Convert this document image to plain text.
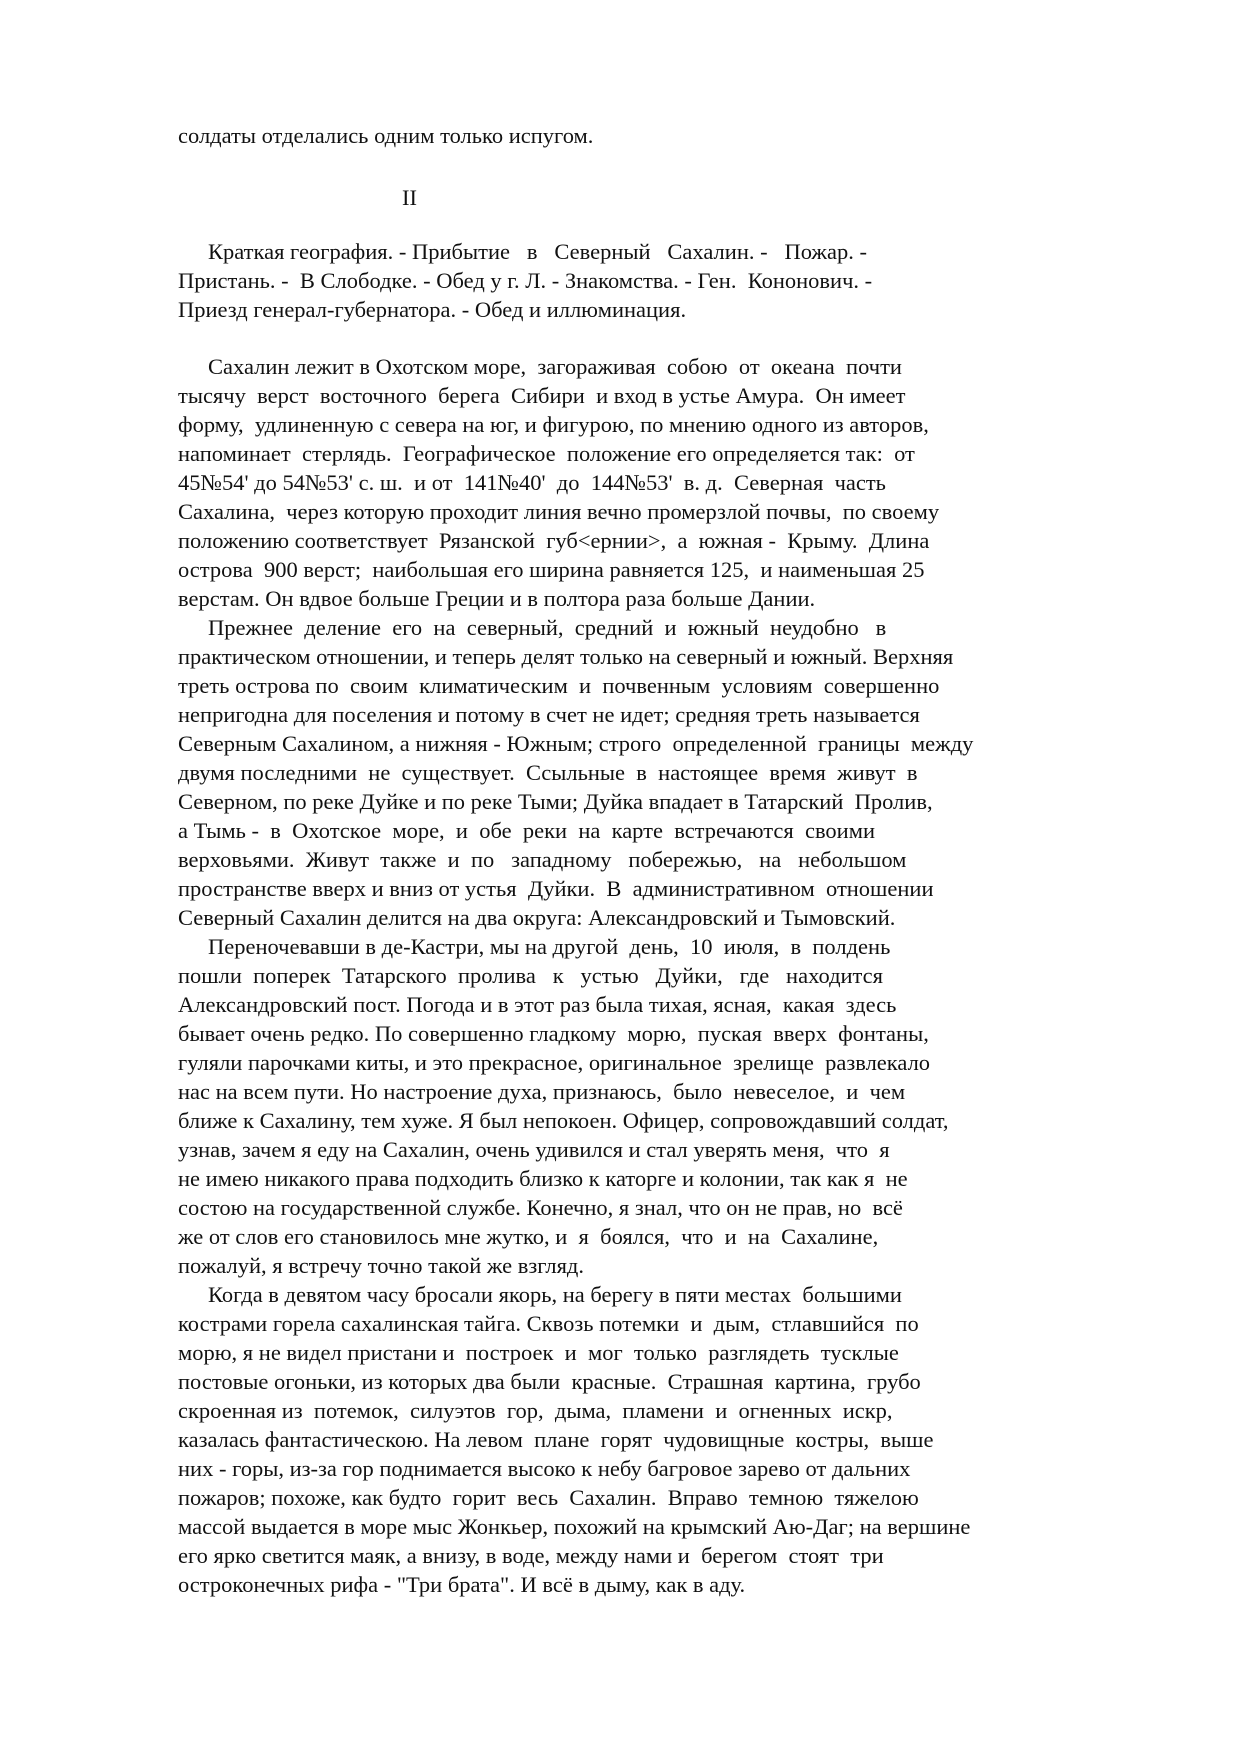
солдаты отделались одним только испугом.

II

Краткая география. - Прибытие   в   Северный   Сахалин. -   Пожар. -

Пристань. -  В Слободке. - Обед у г. Л. - Знакомства. - Ген.  Кононович. -

Приезд генерал-губернатора. - Обед и иллюминация.

Сахалин лежит в Охотском море,  загораживая  собою  от  океана  почти

тысячу  верст  восточного  берега  Сибири  и вход в устье Амура.  Он имеет

форму,  удлиненную с севера на юг, и фигурою, по мнению одного из авторов,

напоминает  стерлядь.  Географическое  положение его определяется так:  от

45№54' до 54№53' с. ш.  и от  141№40'  до  144№53'  в. д.  Северная  часть

Сахалина,  через которую проходит линия вечно промерзлой почвы,  по своему

положению соответствует  Рязанской  губ<ернии>,  а  южная -  Крыму.  Длина

острова  900 верст;  наибольшая его ширина равняется 125,  и наименьшая 25

верстам. Он вдвое больше Греции и в полтора раза больше Дании.

Прежнее  деление  его  на  северный,  средний  и  южный  неудобно   в

практическом отношении, и теперь делят только на северный и южный. Верхняя

треть острова по  своим  климатическим  и  почвенным  условиям  совершенно

непригодна для поселения и потому в счет не идет; средняя треть называется

Северным Сахалином, а нижняя - Южным; строго  определенной  границы  между

двумя последними  не  существует.  Ссыльные  в  настоящее  время  живут  в

Северном, по реке Дуйке и по реке Тыми; Дуйка впадает в Татарский  Пролив,

а Тымь -  в  Охотское  море,  и  обе  реки  на  карте  встречаются  своими

верховьями.  Живут  также  и  по   западному   побережью,   на   небольшом

пространстве вверх и вниз от устья  Дуйки.  В  административном  отношении

Северный Сахалин делится на два округа: Александровский и Тымовский.

Переночевавши в де-Кастри, мы на другой  день,  10  июля,  в  полдень

пошли  поперек  Татарского  пролива   к   устью   Дуйки,   где   находится

Александровский пост. Погода и в этот раз была тихая, ясная,  какая  здесь

бывает очень редко. По совершенно гладкому  морю,  пуская  вверх  фонтаны,

гуляли парочками киты, и это прекрасное, оригинальное  зрелище  развлекало

нас на всем пути. Но настроение духа, признаюсь,  было  невеселое,  и  чем

ближе к Сахалину, тем хуже. Я был непокоен. Офицер, сопровождавший солдат,

узнав, зачем я еду на Сахалин, очень удивился и стал уверять меня,  что  я

не имею никакого права подходить близко к каторге и колонии, так как я  не

состою на государственной службе. Конечно, я знал, что он не прав, но  всё

же от слов его становилось мне жутко, и  я  боялся,  что  и  на  Сахалине,

пожалуй, я встречу точно такой же взгляд.

Когда в девятом часу бросали якорь, на берегу в пяти местах  большими

кострами горела сахалинская тайга. Сквозь потемки  и  дым,  стлавшийся  по

морю, я не видел пристани и  построек  и  мог  только  разглядеть  тусклые

постовые огоньки, из которых два были  красные.  Страшная  картина,  грубо

скроенная из  потемок,  силуэтов  гор,  дыма,  пламени  и  огненных  искр,

казалась фантастическою. На левом  плане  горят  чудовищные  костры,  выше

них - горы, из-за гор поднимается высоко к небу багровое зарево от дальних

пожаров; похоже, как будто  горит  весь  Сахалин.  Вправо  темною  тяжелою

массой выдается в море мыс Жонкьер, похожий на крымский Аю-Даг; на вершине

его ярко светится маяк, а внизу, в воде, между нами и  берегом  стоят  три

остроконечных рифа - "Три брата". И всё в дыму, как в аду.
